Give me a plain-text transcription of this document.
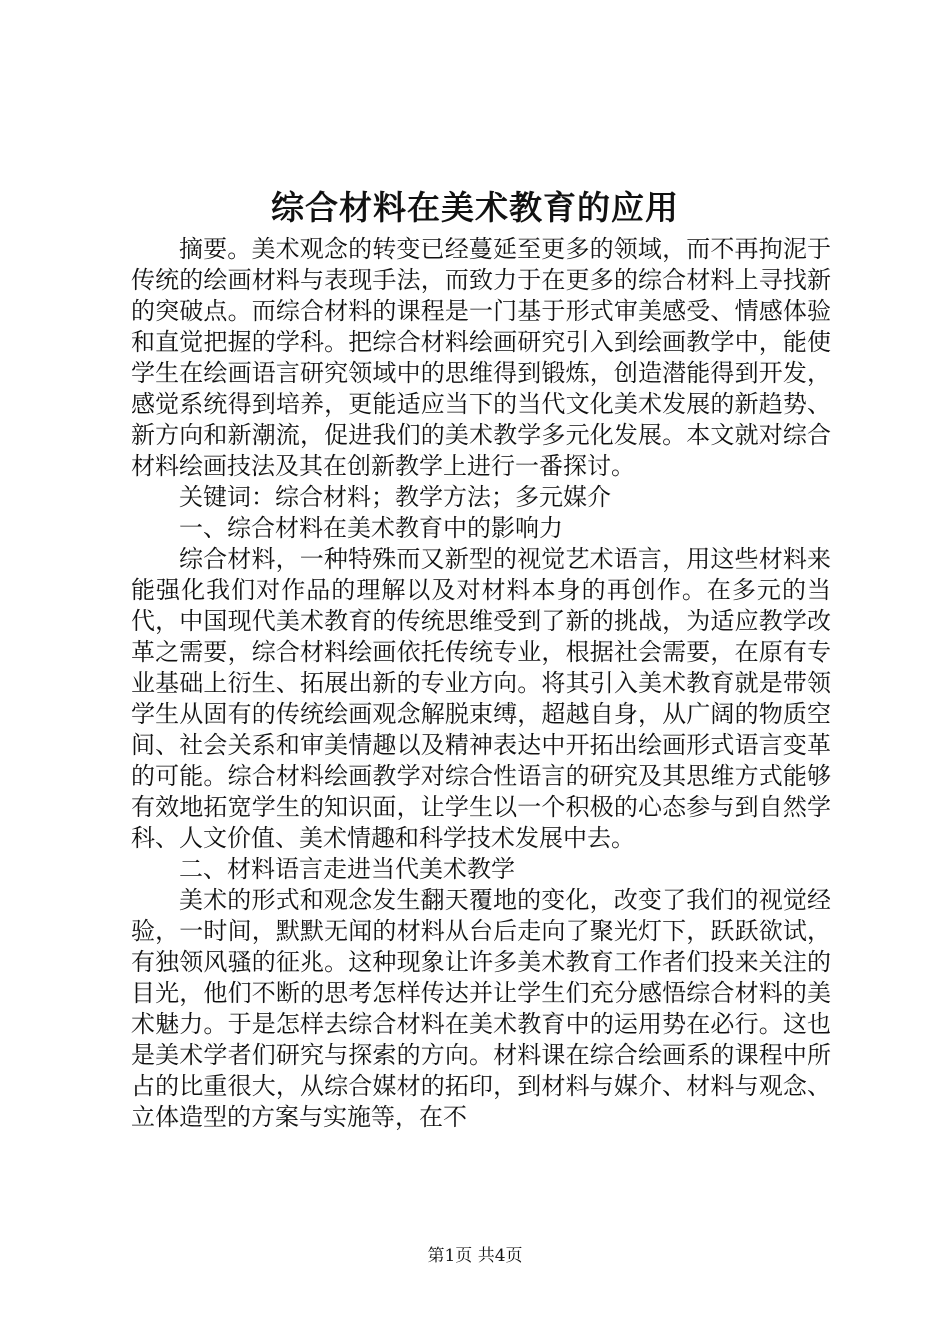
综合材料在美术教育的应用

摘要。美术观念的转变已经蔓延至更多的领域，而不再拘泥于传统的绘画材料与表现手法，而致力于在更多的综合材料上寻找新的突破点。而综合材料的课程是一门基于形式审美感受、情感体验和直觉把握的学科。把综合材料绘画研究引入到绘画教学中，能使学生在绘画语言研究领域中的思维得到锻炼，创造潜能得到开发，感觉系统得到培养，更能适应当下的当代文化美术发展的新趋势、新方向和新潮流，促进我们的美术教学多元化发展。本文就对综合材料绘画技法及其在创新教学上进行一番探讨。

关键词：综合材料；教学方法；多元媒介

一、综合材料在美术教育中的影响力

综合材料，一种特殊而又新型的视觉艺术语言，用这些材料来能强化我们对作品的理解以及对材料本身的再创作。在多元的当代，中国现代美术教育的传统思维受到了新的挑战，为适应教学改革之需要，综合材料绘画依托传统专业，根据社会需要，在原有专业基础上衍生、拓展出新的专业方向。将其引入美术教育就是带领学生从固有的传统绘画观念解脱束缚，超越自身，从广阔的物质空间、社会关系和审美情趣以及精神表达中开拓出绘画形式语言变革的可能。综合材料绘画教学对综合性语言的研究及其思维方式能够有效地拓宽学生的知识面，让学生以一个积极的心态参与到自然学科、人文价值、美术情趣和科学技术发展中去。

二、材料语言走进当代美术教学

美术的形式和观念发生翻天覆地的变化，改变了我们的视觉经验，一时间，默默无闻的材料从台后走向了聚光灯下，跃跃欲试，有独领风骚的征兆。这种现象让许多美术教育工作者们投来关注的目光，他们不断的思考怎样传达并让学生们充分感悟综合材料的美术魅力。于是怎样去综合材料在美术教育中的运用势在必行。这也是美术学者们研究与探索的方向。材料课在综合绘画系的课程中所占的比重很大，从综合媒材的拓印，到材料与媒介、材料与观念、立体造型的方案与实施等，在不

第1页 共4页
